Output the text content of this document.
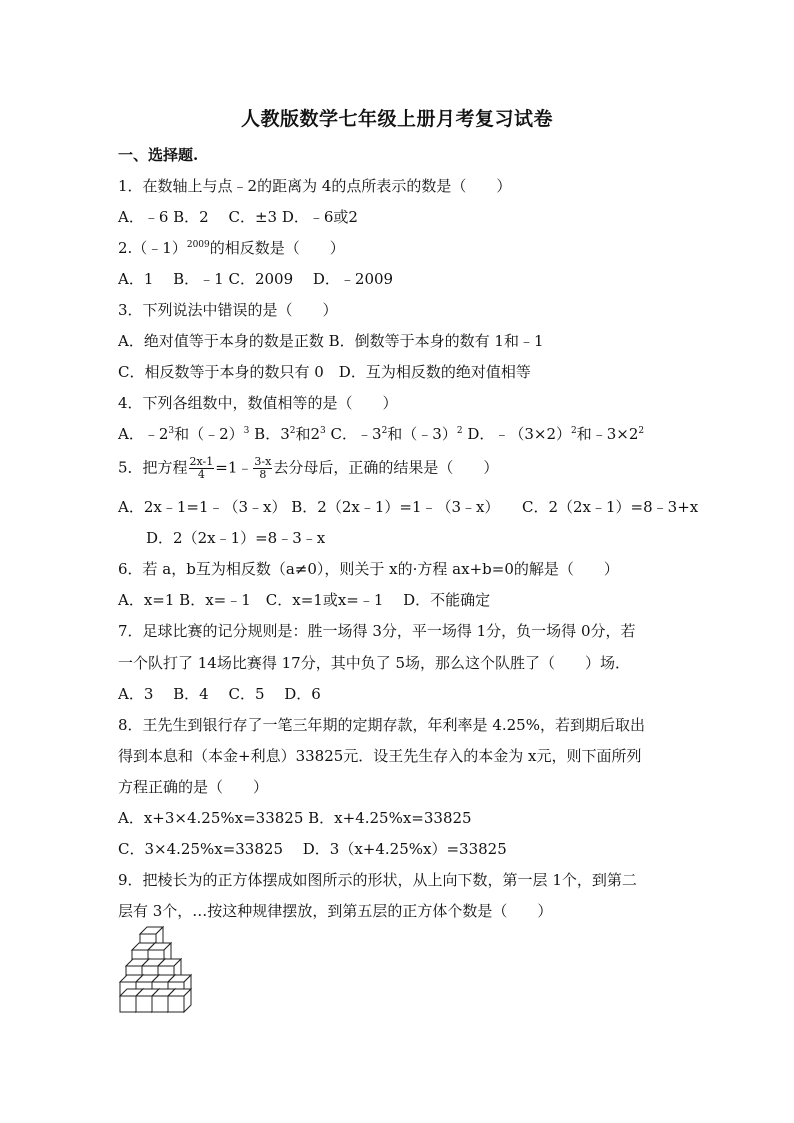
人教版数学七年级上册月考复习试卷
一、选择题.
1．在数轴上与点﹣2的距离为 4的点所表示的数是（　　）
A．﹣6 B．2　 C．±3 D．﹣6或2
2.（﹣1）$^{2009}$的相反数是（　　）
A．1　 B．﹣1 C．2009　 D．﹣2009
3．下列说法中错误的是（　　）
A．绝对值等于本身的数是正数 B．倒数等于本身的数有 1和﹣1
C．相反数等于本身的数只有 0　D．互为相反数的绝对值相等
4．下列各组数中，数值相等的是（　　）
A．$﹣2^3$和（﹣2）$^3$ B．$3^2$和$2^3$ C．$﹣3^2$和（﹣3）$^2$ D．$﹣(3\times 2)^2$和$﹣3\times 2^2$
5．把方程 $\frac{2x-1}{4}$ =1﹣ $\frac{3-x}{8}$ 去分母后，正确的结果是（　　）
A．2x﹣1=1﹣（3﹣x） B．2（2x﹣1）=1﹣（3﹣x）　　C．2（2x﹣1）=8﹣3+x
D．2（2x﹣1）=8﹣3﹣x
6．若 a，b互为相反数（a≠0），则关于 x的·方程 ax+b=0的解是（　　）
A．x=1 B．x=﹣1　C．x=1或x=﹣1　 D．不能确定
7．足球比赛的记分规则是：胜一场得 3分，平一场得 1分，负一场得 0分，若
一个队打了 14场比赛得 17分，其中负了 5场，那么这个队胜了（　　）场．
A．3　 B．4　 C．5　 D．6
8．王先生到银行存了一笔三年期的定期存款，年利率是 4.25%，若到期后取出
得到本息和（本金+利息）33825元．设王先生存入的本金为 x元，则下面所列
方程正确的是（　　）
A．x+3×4.25%x=33825 B．x+4.25%x=33825
C．3×4.25%x=33825　 D．3（x+4.25%x）=33825
9．把棱长为的正方体摆成如图所示的形状，从上向下数，第一层 1个，到第二
层有 3个，…按这种规律摆放，到第五层的正方体个数是（　　）
